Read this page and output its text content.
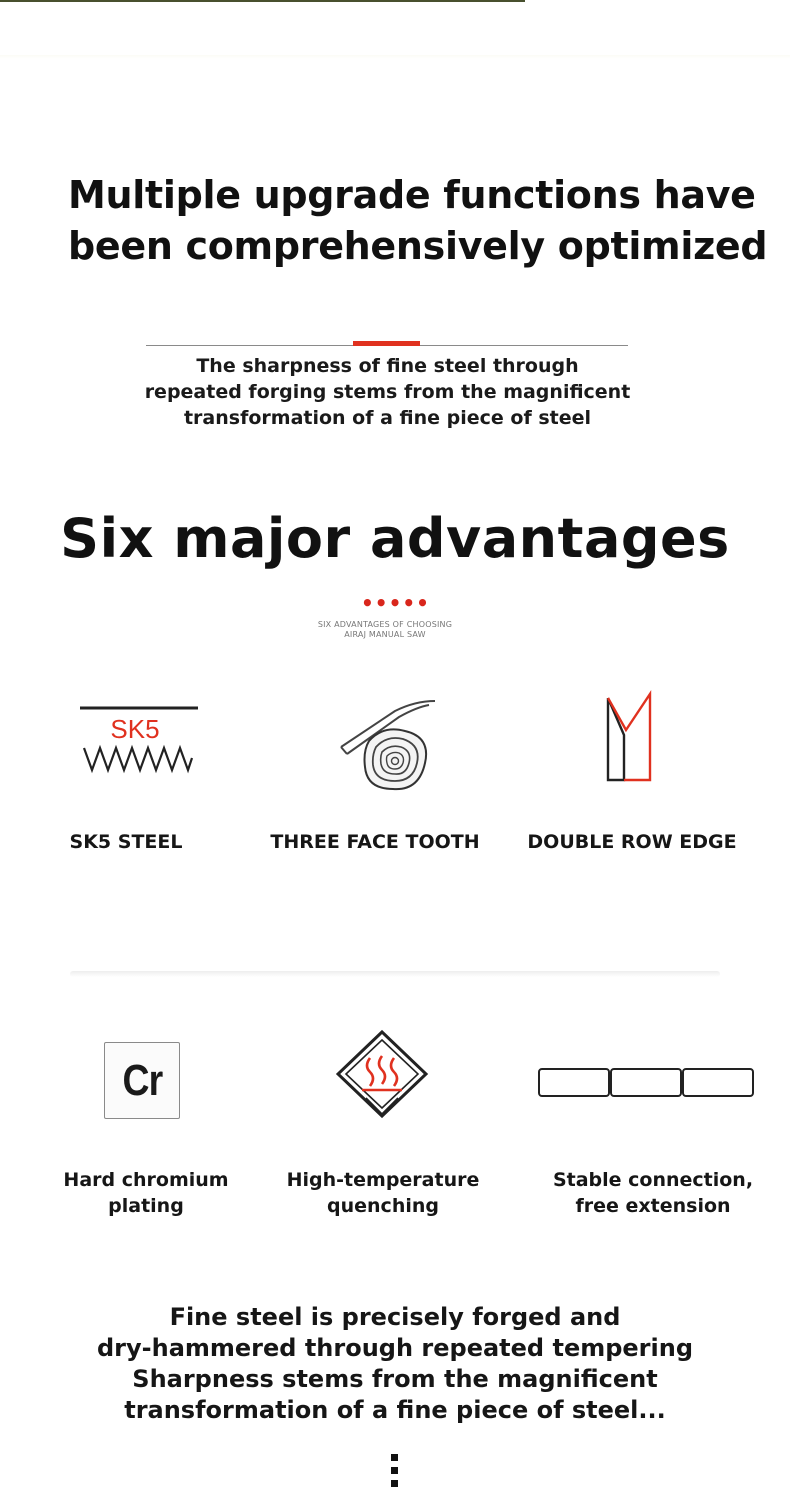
Multiple upgrade functions have
been comprehensively optimized
The sharpness of fine steel through
repeated forging stems from the magnificent
transformation of a fine piece of steel
Six major advantages
•••••
SIX ADVANTAGES OF CHOOSING
AIRAJ MANUAL SAW
SK5
SK5 STEEL	THREE FACE TOOTH	DOUBLE ROW EDGE
Cr
Hard chromium
plating
High-temperature
quenching
Stable connection,
free extension
Fine steel is precisely forged and
dry-hammered through repeated tempering
Sharpness stems from the magnificent
transformation of a fine piece of steel...
